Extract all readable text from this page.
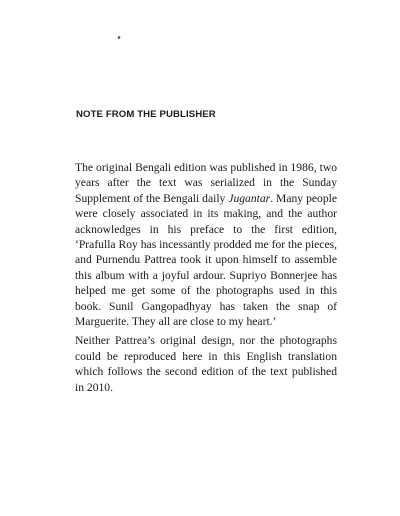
NOTE FROM THE PUBLISHER

The original Bengali edition was published in 1986, two years after the text was serialized in the Sunday Supplement of the Bengali daily Jugantar. Many people were closely associated in its making, and the author acknowledges in his preface to the first edition, ‘Prafulla Roy has incessantly prodded me for the pieces, and Purnendu Pattrea took it upon himself to assemble this album with a joyful ardour. Supriyo Bonnerjee has helped me get some of the photographs used in this book. Sunil Gangopadhyay has taken the snap of Marguerite. They all are close to my heart.’

Neither Pattrea’s original design, nor the photographs could be reproduced here in this English translation which follows the second edition of the text published in 2010.
